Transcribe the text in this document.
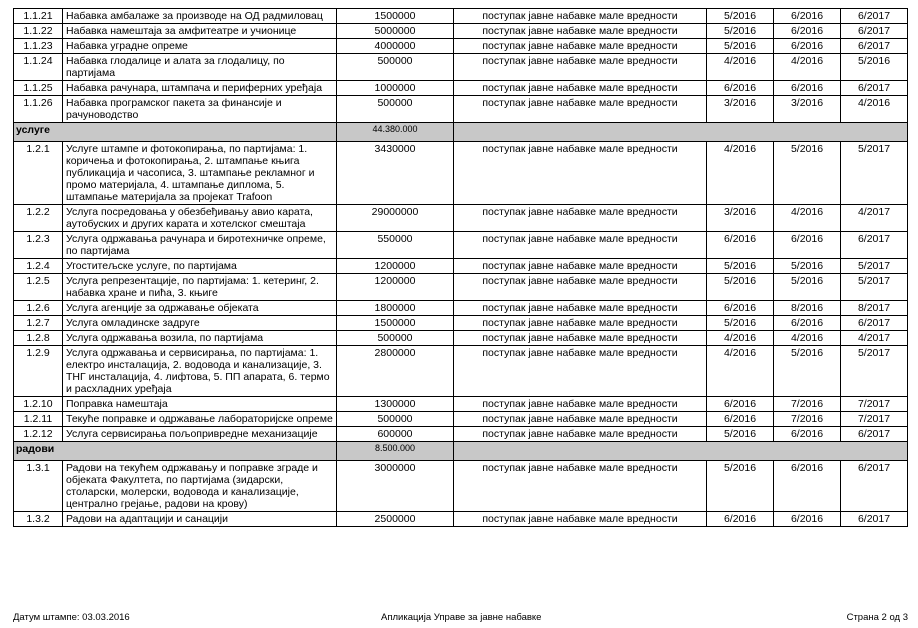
1.1.21	Набавка амбалаже за производе на ОД радмиловац	1500000	поступак јавне набавке мале вредности	5/2016	6/2016	6/2017
1.1.22	Набавка намештаја за амфитеатре и учионице	5000000	поступак јавне набавке мале вредности	5/2016	6/2016	6/2017
1.1.23	Набавка уградне опреме	4000000	поступак јавне набавке мале вредности	5/2016	6/2016	6/2017
1.1.24	Набавка глодалице и алата за глодалицу, по партијама	500000	поступак јавне набавке мале вредности	4/2016	4/2016	5/2016
1.1.25	Набавка рачунара, штампача и периферних уређаја	1000000	поступак јавне набавке мале вредности	6/2016	6/2016	6/2017
1.1.26	Набавка програмског пакета за финансије и рачуноводство	500000	поступак јавне набавке мале вредности	3/2016	3/2016	4/2016
услуге		44.380.000				
1.2.1	Услуге штампе и фотокопирања, по партијама: 1. коричења и фотокопирања, 2. штампање књига публикација и часописа, 3. штампање рекламног и промо материјала, 4. штампање диплома, 5. штампање материјала за пројекат Trafoon	3430000	поступак јавне набавке мале вредности	4/2016	5/2016	5/2017
1.2.2	Услуга посредовања у обезбеђивању авио карата, аутобуских и других карата и хотелског смештаја	29000000	поступак јавне набавке мале вредности	3/2016	4/2016	4/2017
1.2.3	Услуга одржавања рачунара и биротехничке опреме, по партијама	550000	поступак јавне набавке мале вредности	6/2016	6/2016	6/2017
1.2.4	Угоститељске услуге, по партијама	1200000	поступак јавне набавке мале вредности	5/2016	5/2016	5/2017
1.2.5	Услуга репрезентације, по партијама: 1. кетеринг, 2. набавка хране и пића, 3. књиге	1200000	поступак јавне набавке мале вредности	5/2016	5/2016	5/2017
1.2.6	Услуга агенције за одржавање објеката	1800000	поступак јавне набавке мале вредности	6/2016	8/2016	8/2017
1.2.7	Услуга омладинске задруге	1500000	поступак јавне набавке мале вредности	5/2016	6/2016	6/2017
1.2.8	Услуга одржавања возила, по партијама	500000	поступак јавне набавке мале вредности	4/2016	4/2016	4/2017
1.2.9	Услуга одржавања и сервисирања, по партијама: 1. електро инсталација, 2. водовода и канализације, 3. ТНГ инсталација, 4. лифтова, 5. ПП апарата, 6. термо и расхладних уређаја	2800000	поступак јавне набавке мале вредности	4/2016	5/2016	5/2017
1.2.10	Поправка намештаја	1300000	поступак јавне набавке мале вредности	6/2016	7/2016	7/2017
1.2.11	Текуће поправке и одржавање лабораторијске опреме	500000	поступак јавне набавке мале вредности	6/2016	7/2016	7/2017
1.2.12	Услуга сервисирања пољопривредне механизације	600000	поступак јавне набавке мале вредности	5/2016	6/2016	6/2017
радови		8.500.000				
1.3.1	Радови на текућем одржавању и поправке зграде и објеката Факултета, по партијама (зидарски, столарски, молерски, водовода и канализације, централно грејање, радови на крову)	3000000	поступак јавне набавке мале вредности	5/2016	6/2016	6/2017
1.3.2	Радови на адаптацији и санацији	2500000	поступак јавне набавке мале вредности	6/2016	6/2016	6/2017
Датум штампе: 03.03.2016	Апликација Управе за јавне набавке	Страна 2 од 3
